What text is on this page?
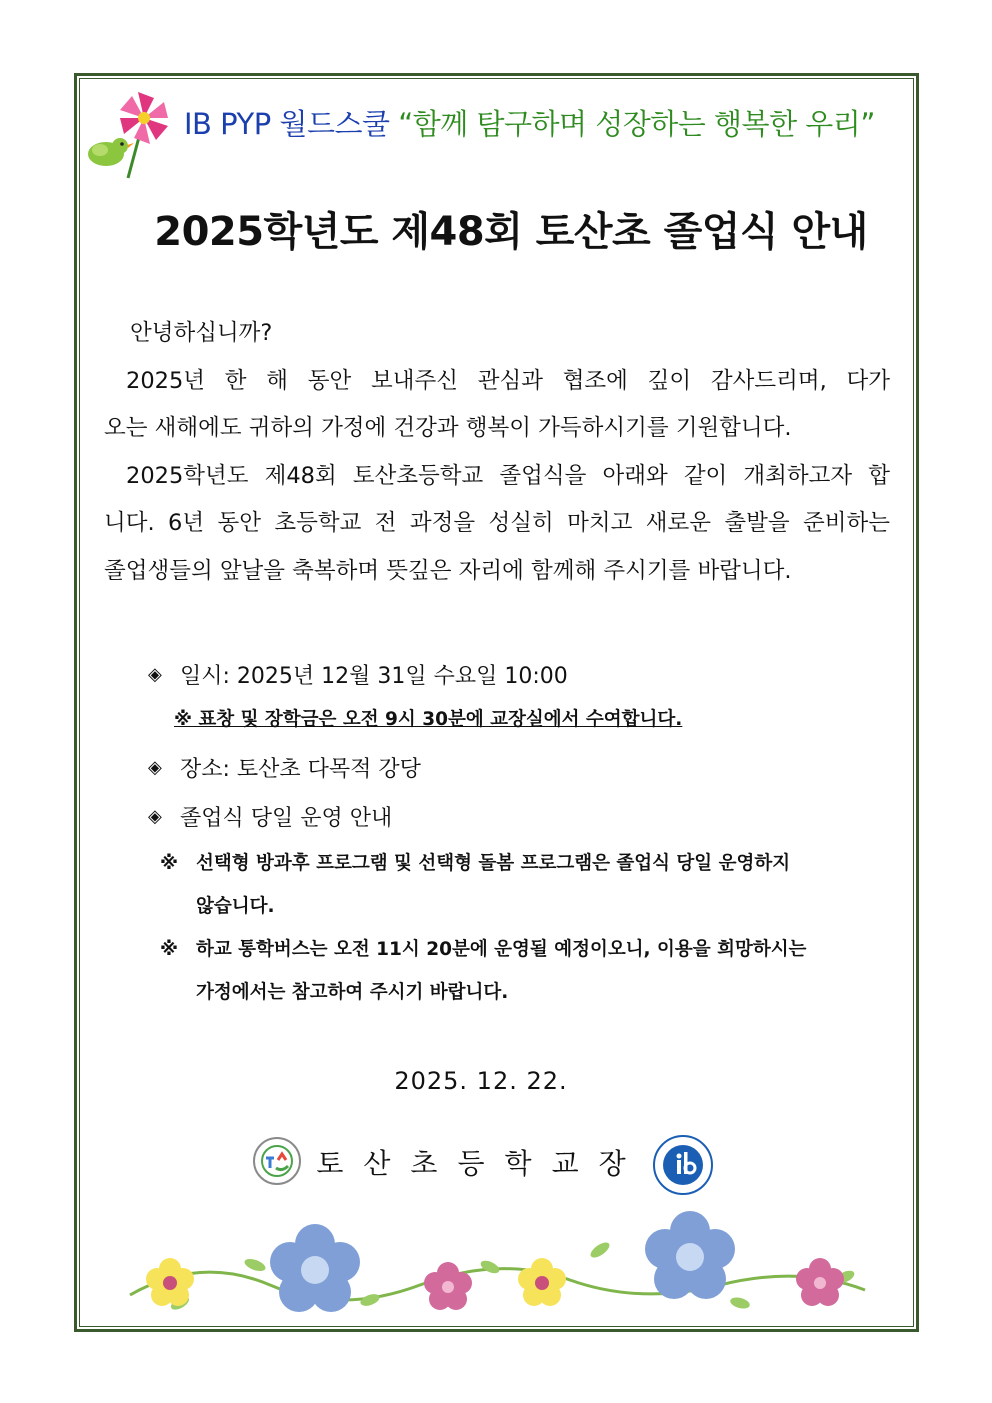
IB PYP 월드스쿨 “함께 탐구하며 성장하는 행복한 우리”
2025학년도 제48회 토산초 졸업식 안내

안녕하십니까?

2025년 한 해 동안 보내주신 관심과 협조에 깊이 감사드리며, 다가

오는 새해에도 귀하의 가정에 건강과 행복이 가득하시기를 기원합니다.

2025학년도 제48회 토산초등학교 졸업식을 아래와 같이 개최하고자 합

니다. 6년 동안 초등학교 전 과정을 성실히 마치고 새로운 출발을 준비하는

졸업생들의 앞날을 축복하며 뜻깊은 자리에 함께해 주시기를 바랍니다.

◈ 일시: 2025년 12월 31일 수요일 10:00
※ 표창 및 장학금은 오전 9시 30분에 교장실에서 수여합니다.
◈ 장소: 토산초 다목적 강당
◈ 졸업식 당일 운영 안내
※ 선택형 방과후 프로그램 및 선택형 돌봄 프로그램은 졸업식 당일 운영하지
않습니다.
※ 하교 통학버스는 오전 11시 20분에 운영될 예정이오니, 이용을 희망하시는
가정에서는 참고하여 주시기 바랍니다.
2025. 12. 22.
토산초등학교장
